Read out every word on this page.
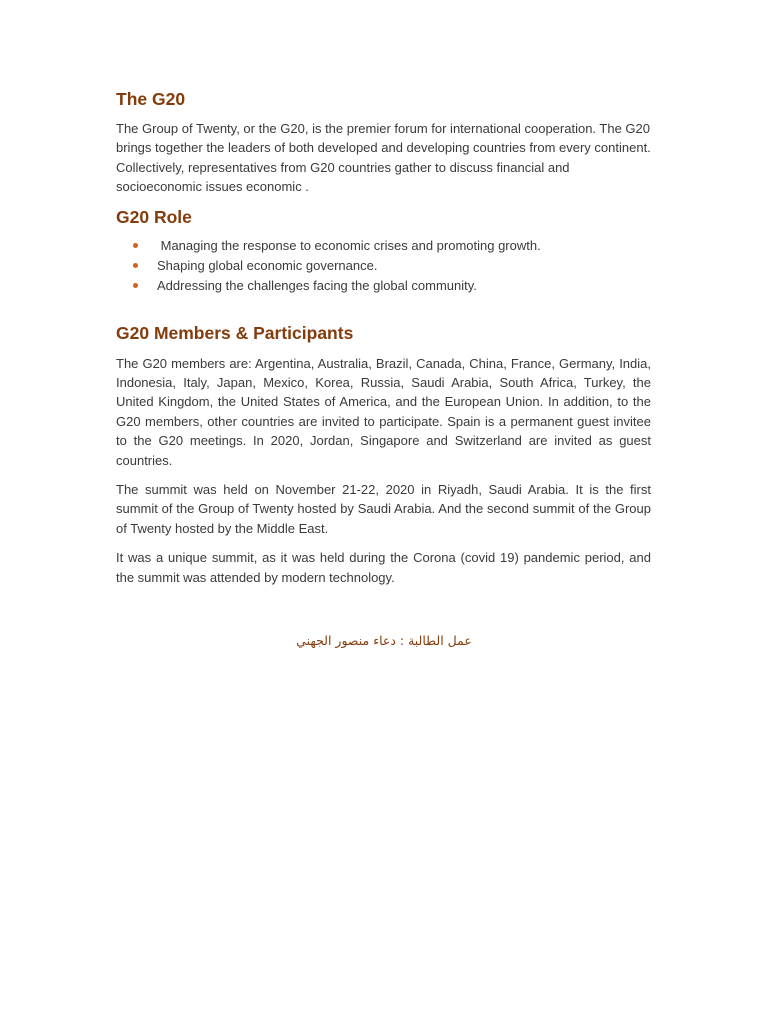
The G20

The Group of Twenty, or the G20, is the premier forum for international cooperation. The G20 brings together the leaders of both developed and developing countries from every continent. Collectively, representatives from G20 countries gather to discuss financial and socioeconomic issues economic .

G20 Role
Managing the response to economic crises and promoting growth.
Shaping global economic governance.
Addressing the challenges facing the global community.
G20 Members & Participants

The G20 members are: Argentina, Australia, Brazil, Canada, China, France, Germany, India, Indonesia, Italy, Japan, Mexico, Korea, Russia, Saudi Arabia, South Africa, Turkey, the United Kingdom, the United States of America, and the European Union. In addition, to the G20 members, other countries are invited to participate. Spain is a permanent guest invitee to the G20 meetings. In 2020, Jordan, Singapore and Switzerland are invited as guest countries.

The summit was held on November 21-22, 2020 in Riyadh, Saudi Arabia. It is the first summit of the Group of Twenty hosted by Saudi Arabia. And the second summit of the Group of Twenty hosted by the Middle East.

It was a unique summit, as it was held during the Corona (covid 19) pandemic period, and the summit was attended by modern technology.

عمل الطالبة : دعاء منصور الجهني
